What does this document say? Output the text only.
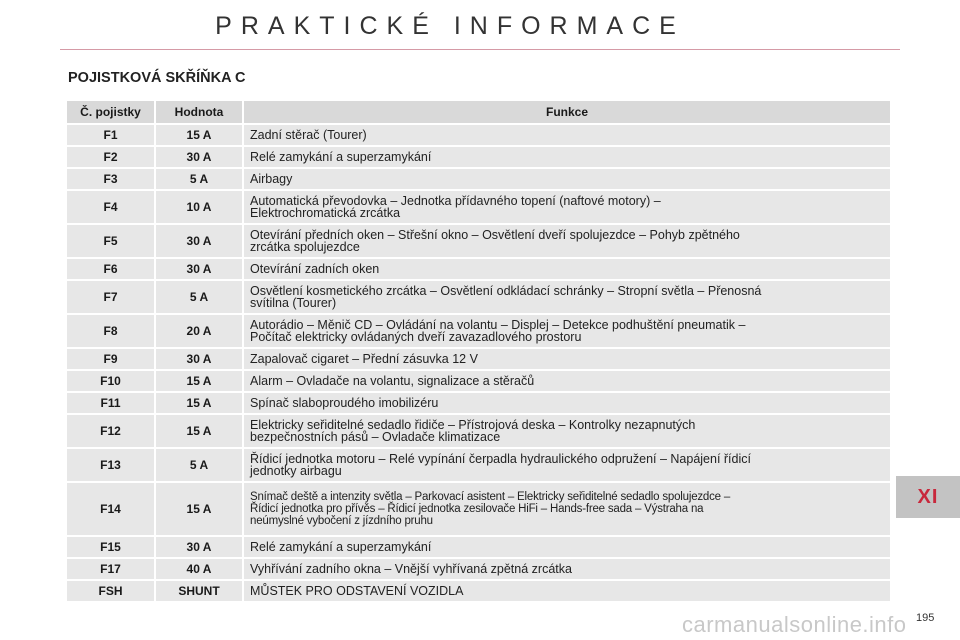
PRAKTICKÉ INFORMACE
POJISTKOVÁ SKŘÍŇKA C
Č. pojistky	Hodnota	Funkce
F1	15 A	Zadní stěrač (Tourer)

F2	30 A	Relé zamykání a superzamykání

F3	5 A	Airbagy

F4	10 A	Automatická převodovka – Jednotka přídavného topení (naftové motory) –
Elektrochromatická zrcátka

F5	30 A	Otevírání předních oken – Střešní okno – Osvětlení dveří spolujezdce – Pohyb zpětného
zrcátka spolujezdce

F6	30 A	Otevírání zadních oken

F7	5 A	Osvětlení kosmetického zrcátka – Osvětlení odkládací schránky – Stropní světla – Přenosná
svítilna (Tourer)

F8	20 A	Autorádio – Měnič CD – Ovládání na volantu – Displej – Detekce podhuštění pneumatik –
Počítač elektricky ovládaných dveří zavazadlového prostoru

F9	30 A	Zapalovač cigaret – Přední zásuvka 12 V

F10	15 A	Alarm – Ovladače na volantu, signalizace a stěračů

F11	15 A	Spínač slaboproudého imobilizéru

F12	15 A	Elektricky seřiditelné sedadlo řidiče – Přístrojová deska – Kontrolky nezapnutých
bezpečnostních pásů – Ovladače klimatizace

F13	5 A	Řídicí jednotka motoru – Relé vypínání čerpadla hydraulického odpružení – Napájení řídicí
jednotky airbagu

F14	15 A	Snímač deště a intenzity světla – Parkovací asistent – Elektricky seřiditelné sedadlo spolujezdce –
Řídicí jednotka pro přívěs – Řídicí jednotka zesilovače HiFi – Hands-free sada – Výstraha na
neúmyslné vybočení z jízdního pruhu

F15	30 A	Relé zamykání a superzamykání

F17	40 A	Vyhřívání zadního okna – Vnější vyhřívaná zpětná zrcátka

FSH	SHUNT	MŮSTEK PRO ODSTAVENÍ VOZIDLA
XI
carmanualsonline.info 195
